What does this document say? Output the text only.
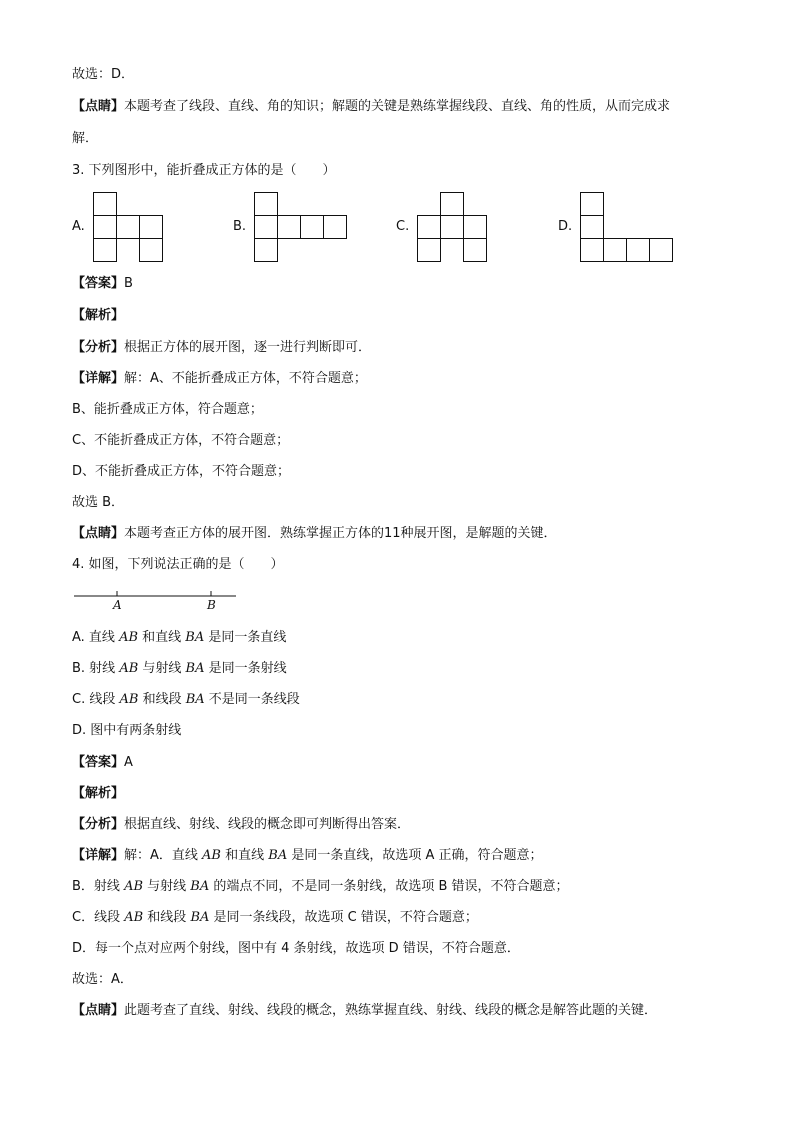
故选：D．
【点睛】本题考查了线段、直线、角的知识；解题的关键是熟练掌握线段、直线、角的性质，从而完成求
解．
3. 下列图形中，能折叠成正方体的是（　　）
A.	B.	C.	D.
【答案】B
【解析】
【分析】根据正方体的展开图，逐一进行判断即可．
【详解】解：A、不能折叠成正方体，不符合题意；
B、能折叠成正方体，符合题意；
C、不能折叠成正方体，不符合题意；
D、不能折叠成正方体，不符合题意；
故选 B．
【点睛】本题考查正方体的展开图．熟练掌握正方体的11种展开图，是解题的关键．
4. 如图，下列说法正确的是（　　）
A	B
A. 直线 AB 和直线 BA 是同一条直线
B. 射线 AB 与射线 BA 是同一条射线
C. 线段 AB 和线段 BA 不是同一条线段
D. 图中有两条射线
【答案】A
【解析】
【分析】根据直线、射线、线段的概念即可判断得出答案．
【详解】解：A．直线 AB 和直线 BA 是同一条直线，故选项 A 正确，符合题意；
B．射线 AB 与射线 BA 的端点不同，不是同一条射线，故选项 B 错误，不符合题意；
C．线段 AB 和线段 BA 是同一条线段，故选项 C 错误，不符合题意；
D．每一个点对应两个射线，图中有 4 条射线，故选项 D 错误，不符合题意．
故选：A．
【点睛】此题考查了直线、射线、线段的概念，熟练掌握直线、射线、线段的概念是解答此题的关键．
